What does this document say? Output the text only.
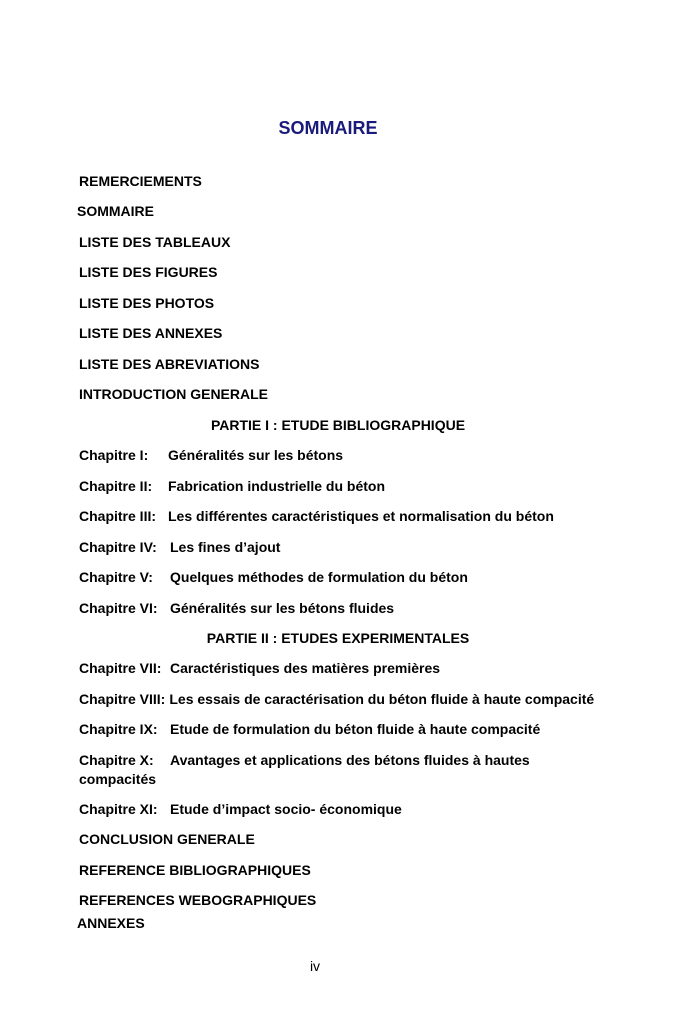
SOMMAIRE
REMERCIEMENTS
SOMMAIRE
LISTE DES TABLEAUX
LISTE DES FIGURES
LISTE DES PHOTOS
LISTE DES ANNEXES
LISTE DES ABREVIATIONS
INTRODUCTION GENERALE
PARTIE I : ETUDE BIBLIOGRAPHIQUE
Chapitre I: Généralités sur les bétons
Chapitre II: Fabrication industrielle du béton
Chapitre III: Les différentes caractéristiques et normalisation du béton
Chapitre IV: Les fines d’ajout
Chapitre V: Quelques méthodes de formulation du béton
Chapitre VI: Généralités sur les bétons fluides
PARTIE II : ETUDES EXPERIMENTALES
Chapitre VII: Caractéristiques des matières premières
Chapitre VIII: Les essais de caractérisation du béton fluide à haute compacité
Chapitre IX: Etude de formulation du béton fluide à haute compacité
Chapitre X: Avantages et applications des bétons fluides à hautes
compacités
Chapitre XI: Etude d’impact socio- économique
CONCLUSION GENERALE
REFERENCE BIBLIOGRAPHIQUES
REFERENCES WEBOGRAPHIQUES
ANNEXES
iv
